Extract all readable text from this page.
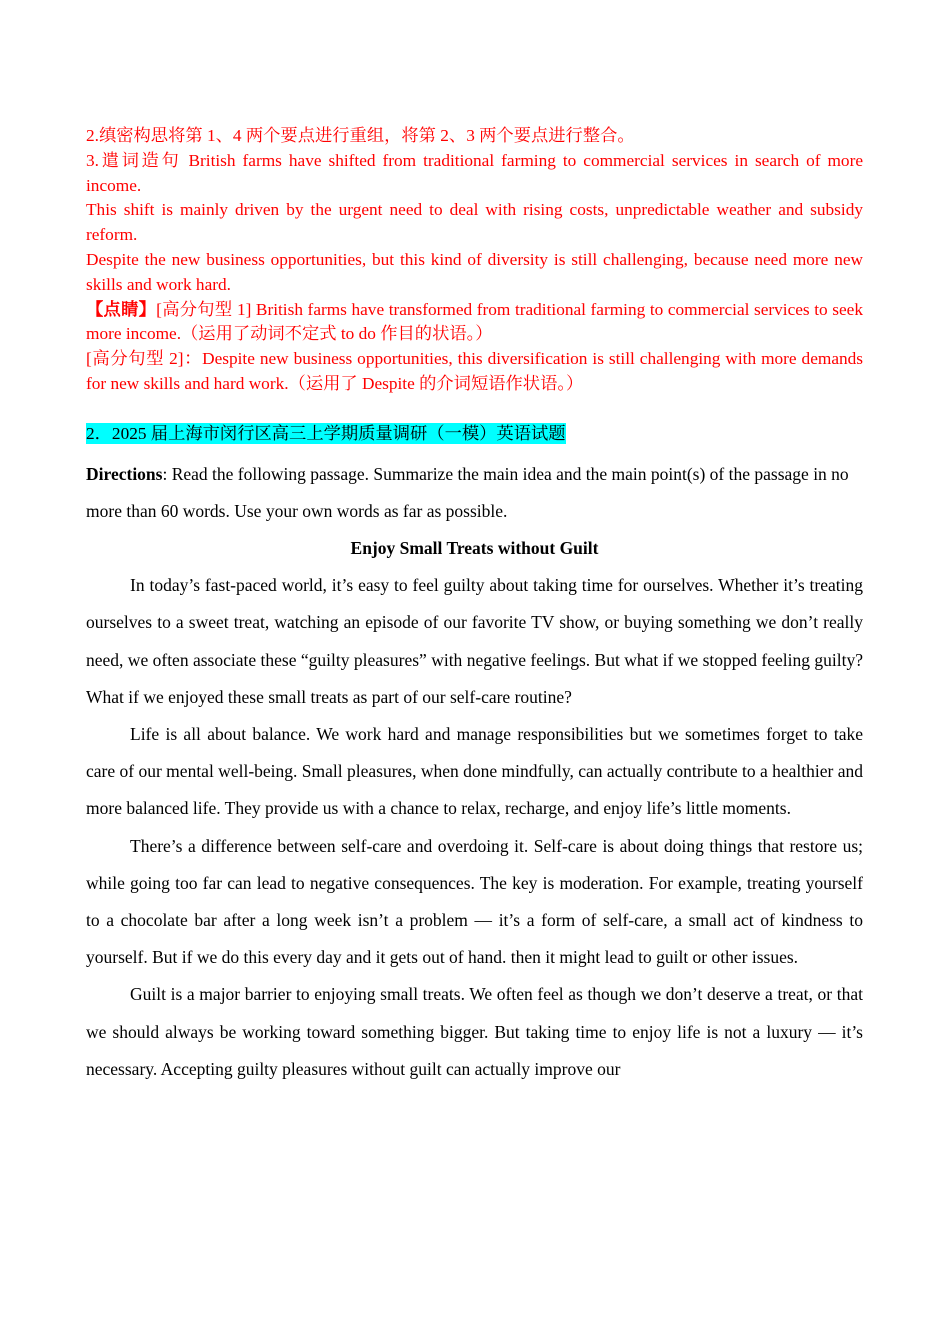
2.缜密构思将第 1、4 两个要点进行重组，将第 2、3 两个要点进行整合。

3.遣词造句 British farms have shifted from traditional farming to commercial services in search of more income.

This shift is mainly driven by the urgent need to deal with rising costs, unpredictable weather and subsidy reform.

Despite the new business opportunities, but this kind of diversity is still challenging, because need more new skills and work hard.

【点睛】[高分句型 1] British farms have transformed from traditional farming to commercial services to seek more income.（运用了动词不定式 to do 作目的状语。）

[高分句型 2]：Despite new business opportunities, this diversification is still challenging with more demands for new skills and hard work.（运用了 Despite 的介词短语作状语。）

2．2025 届上海市闵行区高三上学期质量调研（一模）英语试题
Directions: Read the following passage. Summarize the main idea and the main point(s) of the passage in no more than 60 words. Use your own words as far as possible.
Enjoy Small Treats without Guilt

In today’s fast-paced world, it’s easy to feel guilty about taking time for ourselves. Whether it’s treating ourselves to a sweet treat, watching an episode of our favorite TV show, or buying something we don’t really need, we often associate these “guilty pleasures” with negative feelings. But what if we stopped feeling guilty? What if we enjoyed these small treats as part of our self-care routine?

Life is all about balance. We work hard and manage responsibilities but we sometimes forget to take care of our mental well-being. Small pleasures, when done mindfully, can actually contribute to a healthier and more balanced life. They provide us with a chance to relax, recharge, and enjoy life’s little moments.

There’s a difference between self-care and overdoing it. Self-care is about doing things that restore us; while going too far can lead to negative consequences. The key is moderation. For example, treating yourself to a chocolate bar after a long week isn’t a problem — it’s a form of self-care, a small act of kindness to yourself. But if we do this every day and it gets out of hand. then it might lead to guilt or other issues.

Guilt is a major barrier to enjoying small treats. We often feel as though we don’t deserve a treat, or that we should always be working toward something bigger. But taking time to enjoy life is not a luxury — it’s necessary. Accepting guilty pleasures without guilt can actually improve our
